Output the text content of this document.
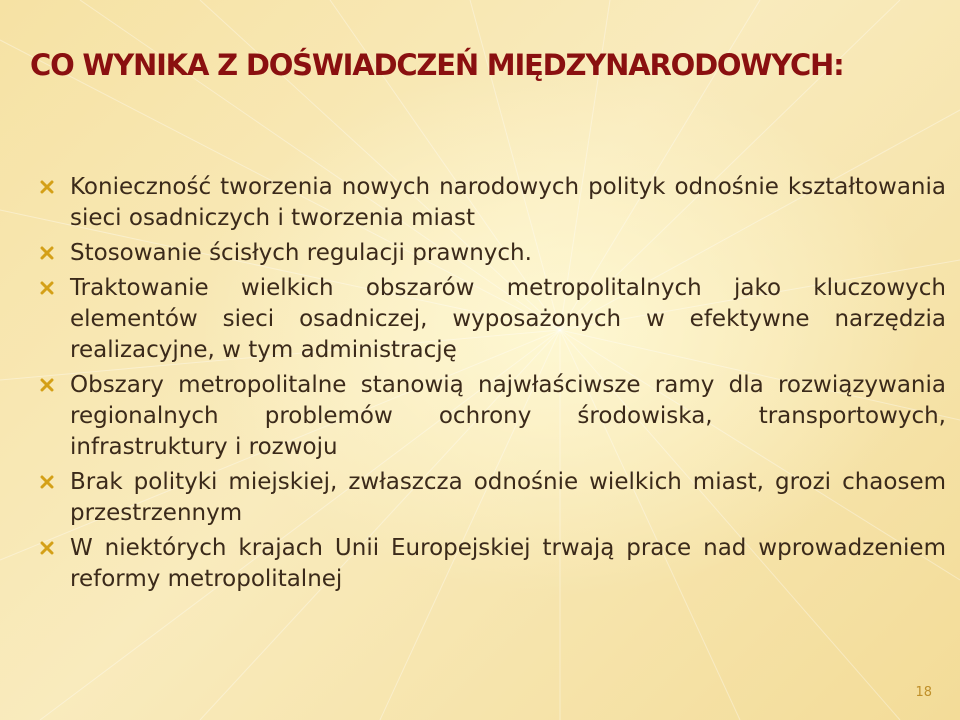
CO WYNIKA Z DOŚWIADCZEŃ MIĘDZYNARODOWYCH:
Konieczność tworzenia nowych narodowych polityk odnośnie kształtowania sieci osadniczych i tworzenia miast
Stosowanie ścisłych regulacji prawnych.
Traktowanie wielkich obszarów metropolitalnych jako kluczowych elementów sieci osadniczej, wyposażonych w efektywne narzędzia realizacyjne, w tym administrację
Obszary metropolitalne stanowią najwłaściwsze ramy dla rozwiązywania regionalnych problemów ochrony środowiska, transportowych, infrastruktury i rozwoju
Brak polityki miejskiej, zwłaszcza odnośnie wielkich miast, grozi chaosem przestrzennym
W niektórych krajach Unii Europejskiej trwają prace nad wprowadzeniem reformy metropolitalnej
18
